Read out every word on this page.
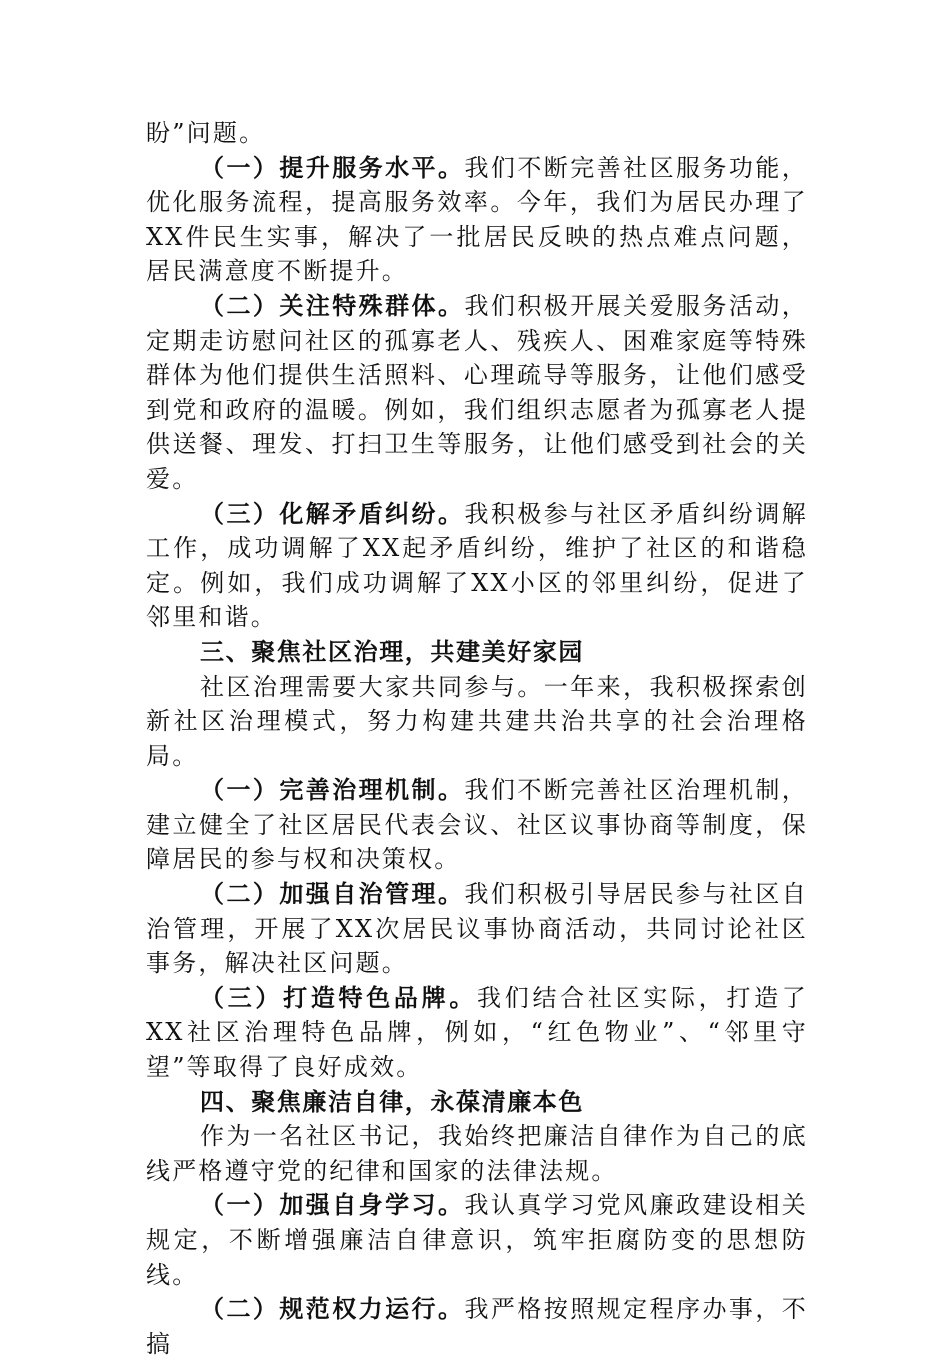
盼”问题。

（一）提升服务水平。我们不断完善社区服务功能，优化服务流程，提高服务效率。今年，我们为居民办理了XX件民生实事，解决了一批居民反映的热点难点问题，居民满意度不断提升。

（二）关注特殊群体。我们积极开展关爱服务活动，定期走访慰问社区的孤寡老人、残疾人、困难家庭等特殊群体为他们提供生活照料、心理疏导等服务，让他们感受到党和政府的温暖。例如，我们组织志愿者为孤寡老人提供送餐、理发、打扫卫生等服务，让他们感受到社会的关爱。

（三）化解矛盾纠纷。我积极参与社区矛盾纠纷调解工作，成功调解了XX起矛盾纠纷，维护了社区的和谐稳定。例如，我们成功调解了XX小区的邻里纠纷，促进了邻里和谐。

三、聚焦社区治理，共建美好家园

社区治理需要大家共同参与。一年来，我积极探索创新社区治理模式，努力构建共建共治共享的社会治理格局。

（一）完善治理机制。我们不断完善社区治理机制，建立健全了社区居民代表会议、社区议事协商等制度，保障居民的参与权和决策权。

（二）加强自治管理。我们积极引导居民参与社区自治管理，开展了XX次居民议事协商活动，共同讨论社区事务，解决社区问题。

（三）打造特色品牌。我们结合社区实际，打造了XX社区治理特色品牌，例如，“红色物业”、“邻里守望”等取得了良好成效。

四、聚焦廉洁自律，永葆清廉本色

作为一名社区书记，我始终把廉洁自律作为自己的底线严格遵守党的纪律和国家的法律法规。

（一）加强自身学习。我认真学习党风廉政建设相关规定，不断增强廉洁自律意识，筑牢拒腐防变的思想防线。

（二）规范权力运行。我严格按照规定程序办事，不搞
